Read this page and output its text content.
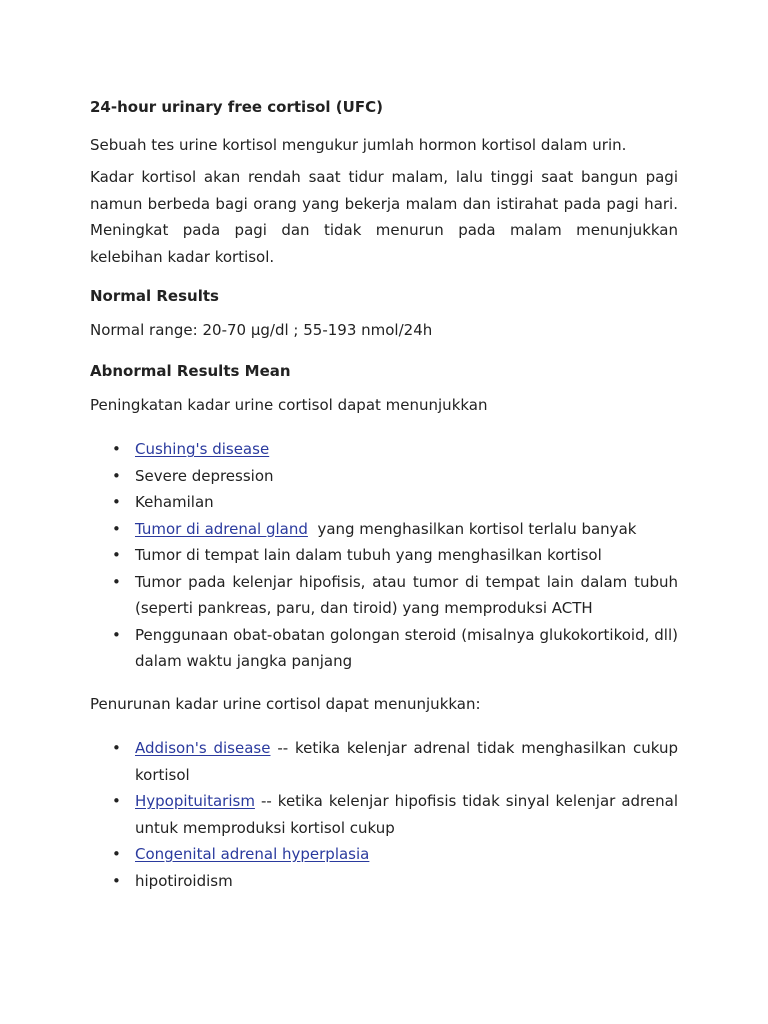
24-hour urinary free cortisol (UFC)
Sebuah tes urine kortisol mengukur jumlah hormon kortisol dalam urin.
Kadar kortisol akan rendah saat tidur malam, lalu tinggi saat bangun pagi namun berbeda bagi orang yang bekerja malam dan istirahat pada pagi hari. Meningkat pada pagi dan tidak menurun pada malam menunjukkan kelebihan kadar kortisol.
Normal Results
Normal range: 20-70 µg/dl ; 55-193 nmol/24h
Abnormal Results Mean
Peningkatan kadar urine cortisol dapat menunjukkan
• Cushing's disease
• Severe depression
• Kehamilan
• Tumor di adrenal gland  yang menghasilkan kortisol terlalu banyak
• Tumor di tempat lain dalam tubuh yang menghasilkan kortisol
• Tumor pada kelenjar hipofisis, atau tumor di tempat lain dalam tubuh (seperti pankreas, paru, dan tiroid) yang memproduksi ACTH
• Penggunaan obat-obatan golongan steroid (misalnya glukokortikoid, dll) dalam waktu jangka panjang
Penurunan kadar urine cortisol dapat menunjukkan:
• Addison's disease -- ketika kelenjar adrenal tidak menghasilkan cukup kortisol
• Hypopituitarism -- ketika kelenjar hipofisis tidak sinyal kelenjar adrenal untuk memproduksi kortisol cukup
• Congenital adrenal hyperplasia
• hipotiroidism
